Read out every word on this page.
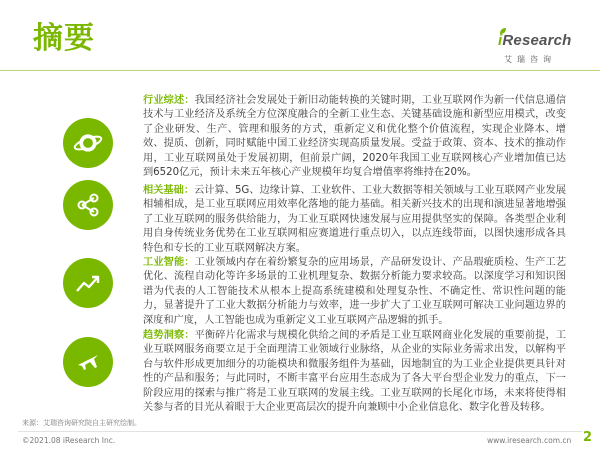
摘要	iResearch
艾瑞咨询
行业综述：我国经济社会发展处于新旧动能转换的关键时期，工业互联网作为新一代信息通信技术与工业经济及系统全方位深度融合的全新工业生态、关键基础设施和新型应用模式，改变了企业研发、生产、管理和服务的方式，重新定义和优化整个价值流程，实现企业降本、增效、提质、创新，同时赋能中国工业经济实现高质量发展。受益于政策、资本、技术的推动作用，工业互联网虽处于发展初期，但前景广阔，2020年我国工业互联网核心产业增加值已达到6520亿元，预计未来五年核心产业规模年均复合增值率将维持在20%。
相关基础：云计算、5G、边缘计算、工业软件、工业大数据等相关领域与工业互联网产业发展相辅相成，是工业互联网应用效率化落地的能力基础。相关新兴技术的出现和演进显著地增强了工业互联网的服务供给能力，为工业互联网快速发展与应用提供坚实的保障。各类型企业利用自身传统业务优势在工业互联网相应赛道进行重点切入，以点连线带面，以图快速形成各具特色和专长的工业互联网解决方案。
工业智能：工业领域内存在着纷繁复杂的应用场景，产品研发设计、产品瑕疵质检、生产工艺优化、流程自动化等许多场景的工业机理复杂、数据分析能力要求较高。以深度学习和知识图谱为代表的人工智能技术从根本上提高系统建模和处理复杂性、不确定性、常识性问题的能力，显著提升了工业大数据分析能力与效率，进一步扩大了工业互联网可解决工业问题边界的深度和广度，人工智能也成为重新定义工业互联网产品逻辑的抓手。
趋势洞察：平衡碎片化需求与规模化供给之间的矛盾是工业互联网商业化发展的重要前提，工业互联网服务商要立足于全面理清工业领域行业脉络，从企业的实际业务需求出发，以解构平台与软件形成更加细分的功能模块和微服务组件为基础，因地制宜的为工业企业提供更具针对性的产品和服务；与此同时，不断丰富平台应用生态成为了各大平台型企业发力的重点，下一阶段应用的探索与推广将是工业互联网的发展主线。工业互联网的长尾化市场，未来将使得相关参与者的目光从着眼于大企业更高层次的提升向兼顾中小企业信息化、数字化普及转移。
来源：艾瑞咨询研究院自主研究绘制。
©2021.08 iResearch Inc.	www.iresearch.com.cn 2
